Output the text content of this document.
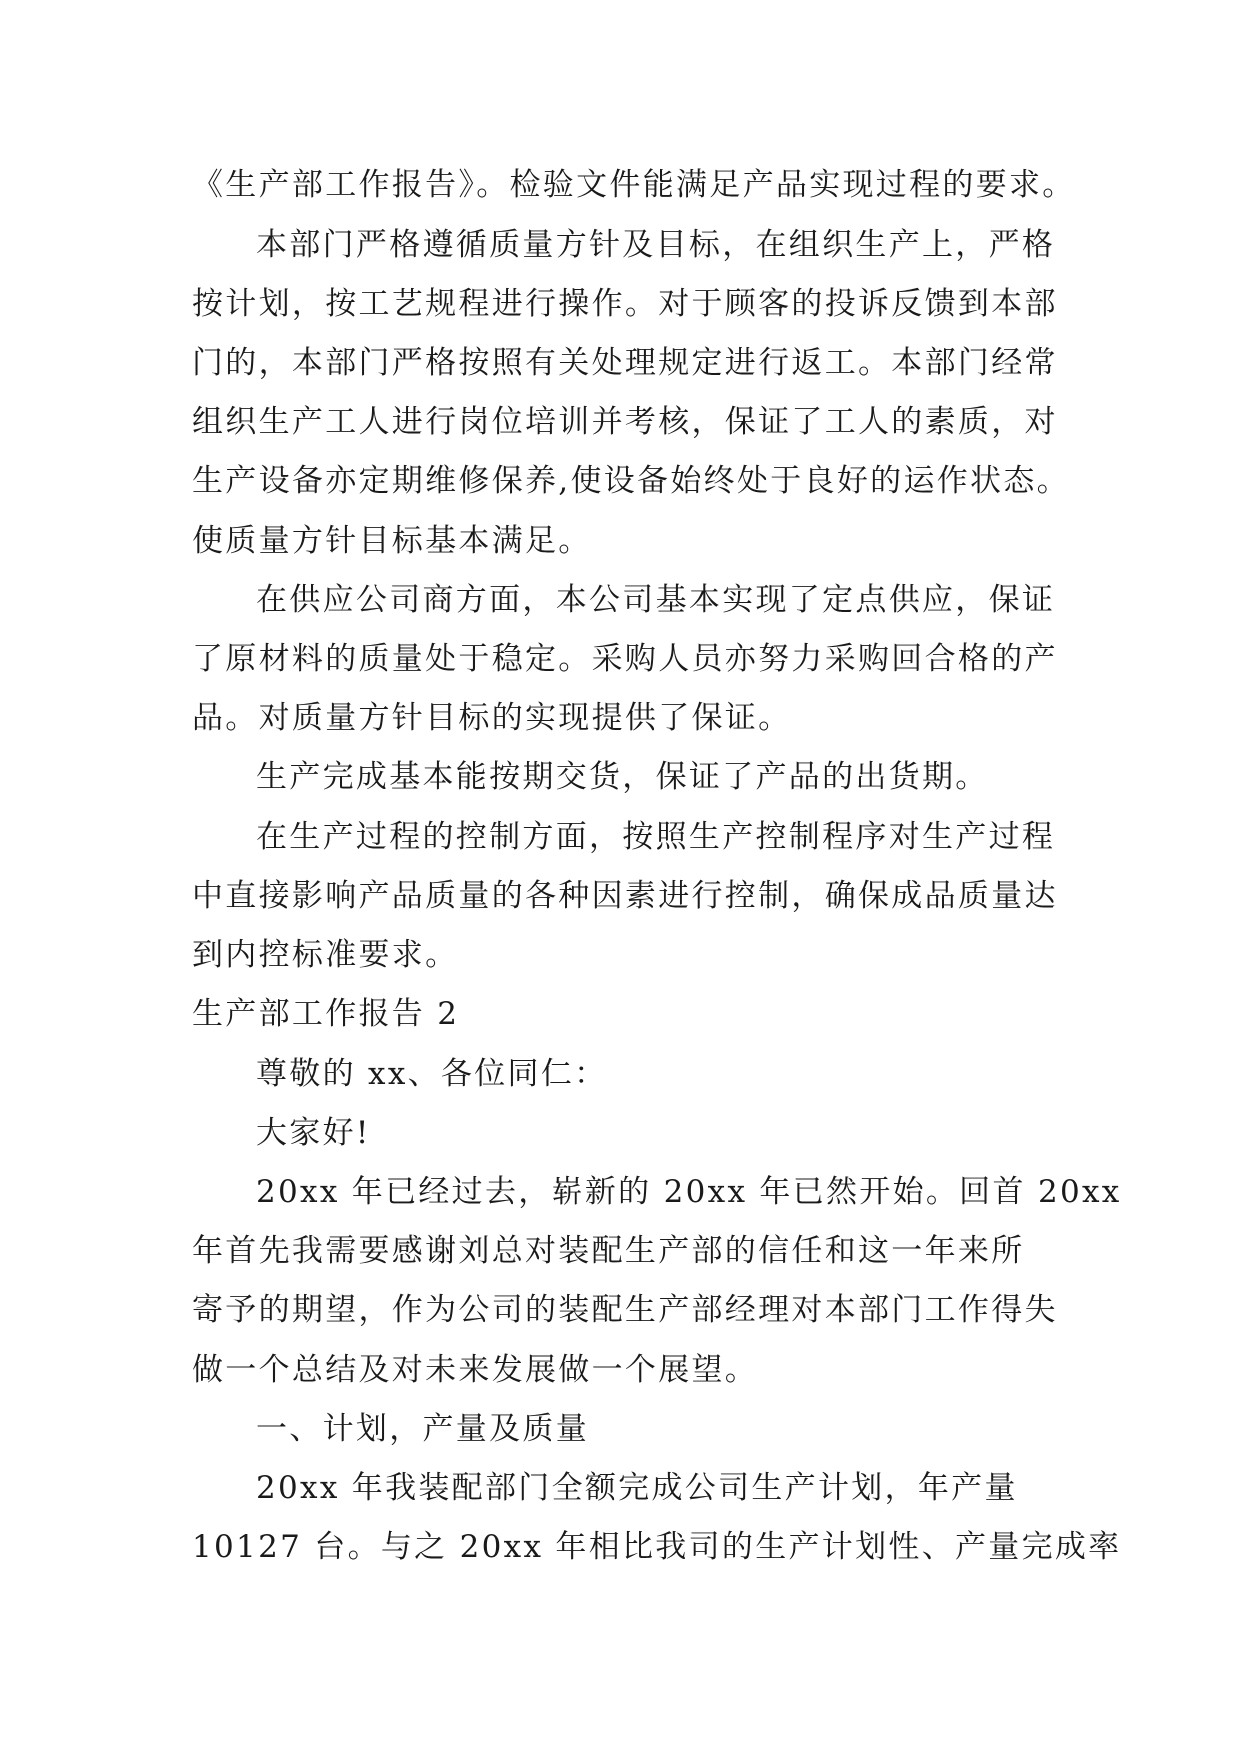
《生产部工作报告》。检验文件能满足产品实现过程的要求。
本部门严格遵循质量方针及目标，在组织生产上，严格
按计划，按工艺规程进行操作。对于顾客的投诉反馈到本部
门的，本部门严格按照有关处理规定进行返工。本部门经常
组织生产工人进行岗位培训并考核，保证了工人的素质，对
生产设备亦定期维修保养,使设备始终处于良好的运作状态。
使质量方针目标基本满足。
在供应公司商方面，本公司基本实现了定点供应，保证
了原材料的质量处于稳定。采购人员亦努力采购回合格的产
品。对质量方针目标的实现提供了保证。
生产完成基本能按期交货，保证了产品的出货期。
在生产过程的控制方面，按照生产控制程序对生产过程
中直接影响产品质量的各种因素进行控制，确保成品质量达
到内控标准要求。
生产部工作报告 2
尊敬的 xx、各位同仁：
大家好!
20xx 年已经过去，崭新的 20xx 年已然开始。回首 20xx
年首先我需要感谢刘总对装配生产部的信任和这一年来所
寄予的期望，作为公司的装配生产部经理对本部门工作得失
做一个总结及对未来发展做一个展望。
一、计划，产量及质量
20xx 年我装配部门全额完成公司生产计划，年产量
10127 台。与之 20xx 年相比我司的生产计划性、产量完成率
